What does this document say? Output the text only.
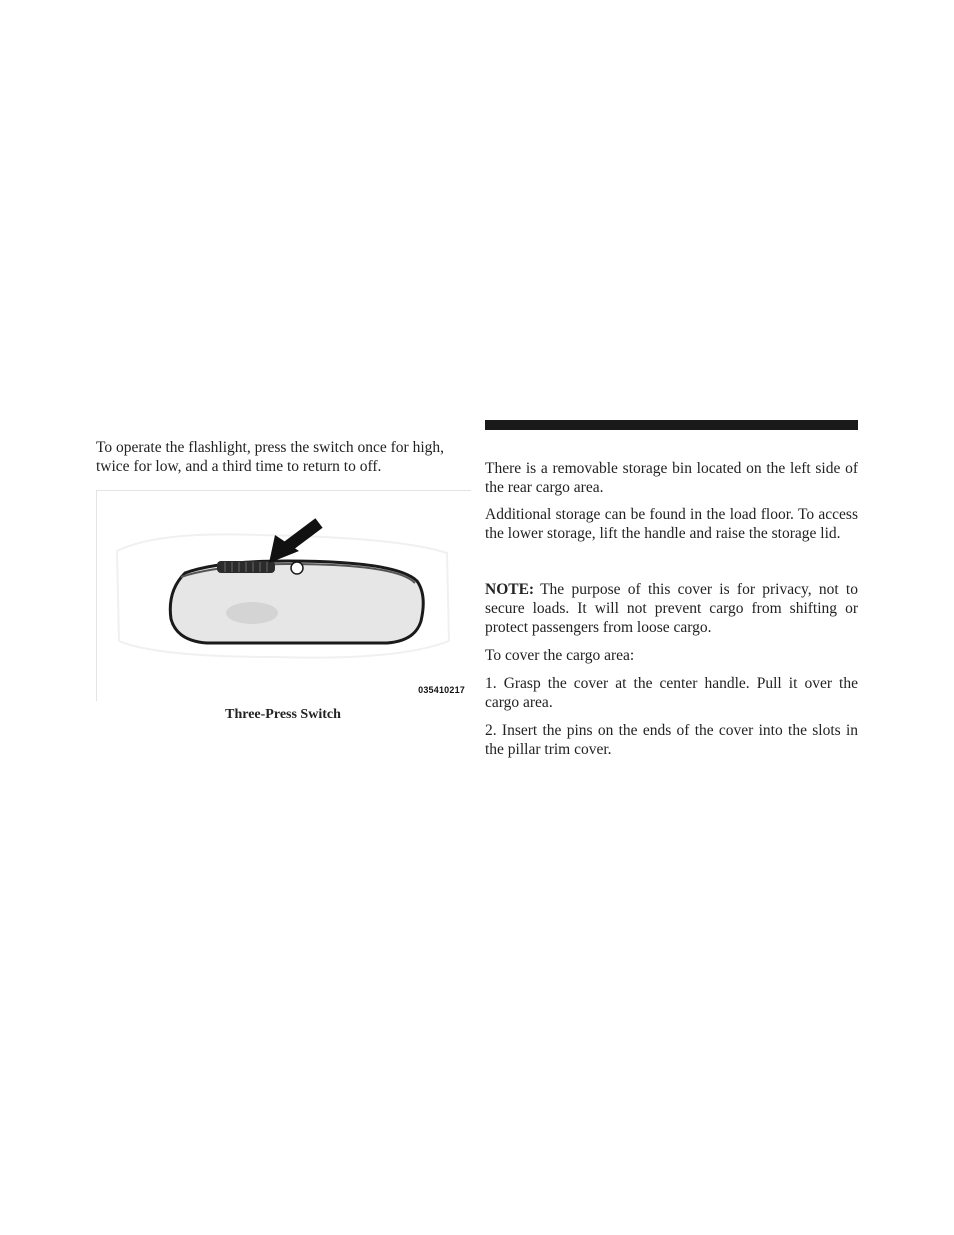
To operate the flashlight, press the switch once for high, twice for low, and a third time to return to off.

035410217
Three-Press Switch

There is a removable storage bin located on the left side of the rear cargo area.

Additional storage can be found in the load floor. To access the lower storage, lift the handle and raise the storage lid.

NOTE: The purpose of this cover is for privacy, not to secure loads. It will not prevent cargo from shifting or protect passengers from loose cargo.

To cover the cargo area:

1. Grasp the cover at the center handle. Pull it over the cargo area.

2. Insert the pins on the ends of the cover into the slots in the pillar trim cover.
